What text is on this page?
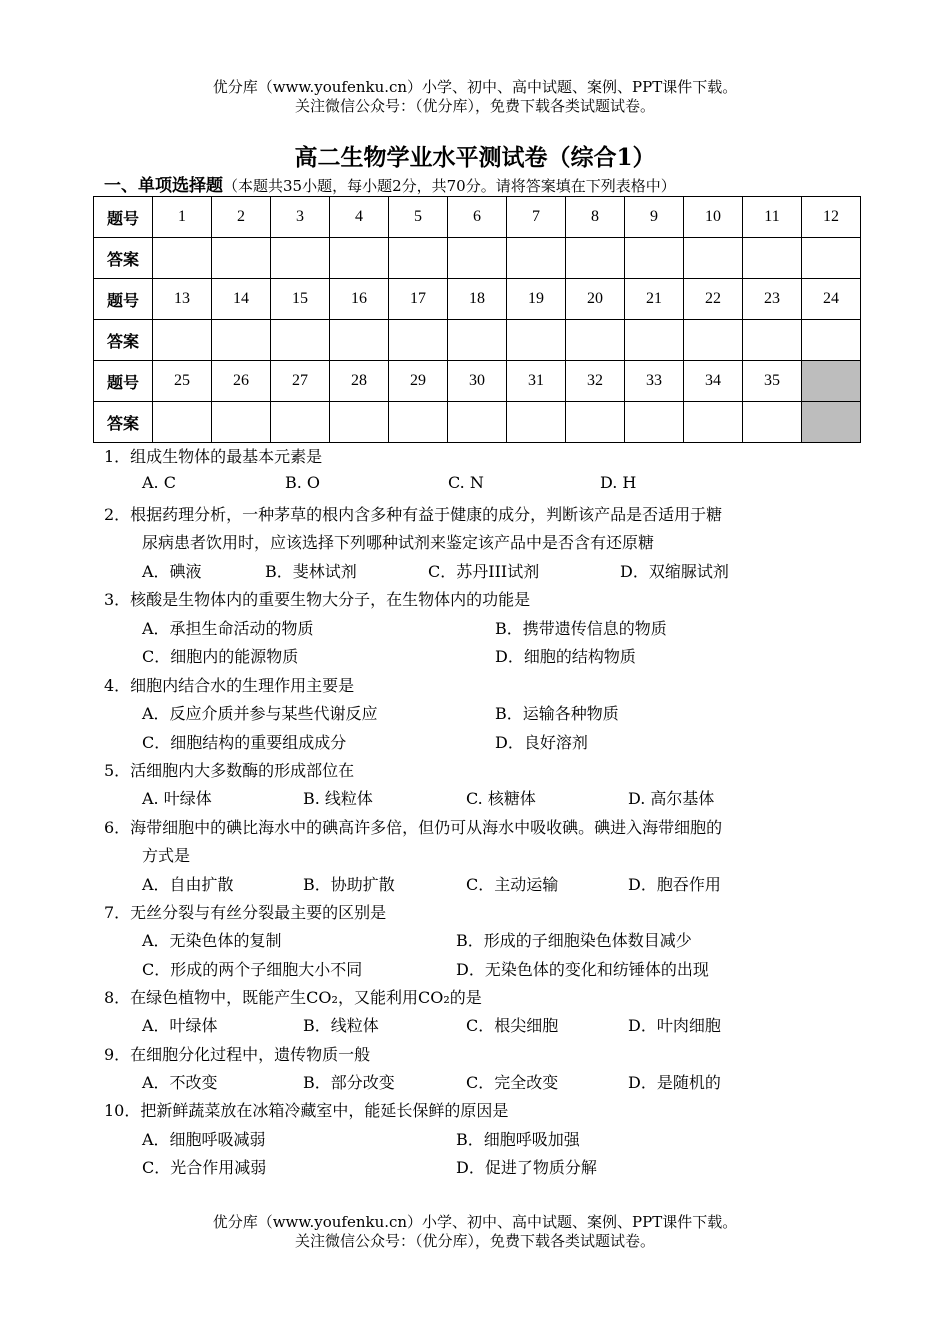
优分库（www.youfenku.cn）小学、初中、高中试题、案例、PPT课件下载。
关注微信公众号：（优分库），免费下载各类试题试卷。
高二生物学业水平测试卷（综合1）
一、单项选择题（本题共35小题，每小题2分，共70分。请将答案填在下列表格中）
题号	1	2	3	4	5	6	7	8	9	10	11	12
答案												
题号	13	14	15	16	17	18	19	20	21	22	23	24
答案												
题号	25	26	27	28	29	30	31	32	33	34	35	
答案												
1．组成生物体的最基本元素是
A. C	B. O	C. N	D. H
2．根据药理分析，一种茅草的根内含多种有益于健康的成分，判断该产品是否适用于糖
尿病患者饮用时，应该选择下列哪种试剂来鉴定该产品中是否含有还原糖
A．碘液	B．斐林试剂	C．苏丹III试剂	D．双缩脲试剂
3．核酸是生物体内的重要生物大分子，在生物体内的功能是
A．承担生命活动的物质	B．携带遗传信息的物质
C．细胞内的能源物质	D．细胞的结构物质
4．细胞内结合水的生理作用主要是
A．反应介质并参与某些代谢反应	B．运输各种物质
C．细胞结构的重要组成成分	D．良好溶剂
5．活细胞内大多数酶的形成部位在
A. 叶绿体	B. 线粒体	C. 核糖体	D. 高尔基体
6．海带细胞中的碘比海水中的碘高许多倍，但仍可从海水中吸收碘。碘进入海带细胞的
方式是
A．自由扩散	B．协助扩散	C．主动运输	D．胞吞作用
7．无丝分裂与有丝分裂最主要的区别是
A．无染色体的复制	B．形成的子细胞染色体数目减少
C．形成的两个子细胞大小不同	D．无染色体的变化和纺锤体的出现
8．在绿色植物中，既能产生CO₂，又能利用CO₂的是
A．叶绿体	B．线粒体	C．根尖细胞	D．叶肉细胞
9．在细胞分化过程中，遗传物质一般
A．不改变	B．部分改变	C．完全改变	D．是随机的
10．把新鲜蔬菜放在冰箱冷藏室中，能延长保鲜的原因是
A．细胞呼吸减弱	B．细胞呼吸加强
C．光合作用减弱	D．促进了物质分解
优分库（www.youfenku.cn）小学、初中、高中试题、案例、PPT课件下载。
关注微信公众号：（优分库），免费下载各类试题试卷。
